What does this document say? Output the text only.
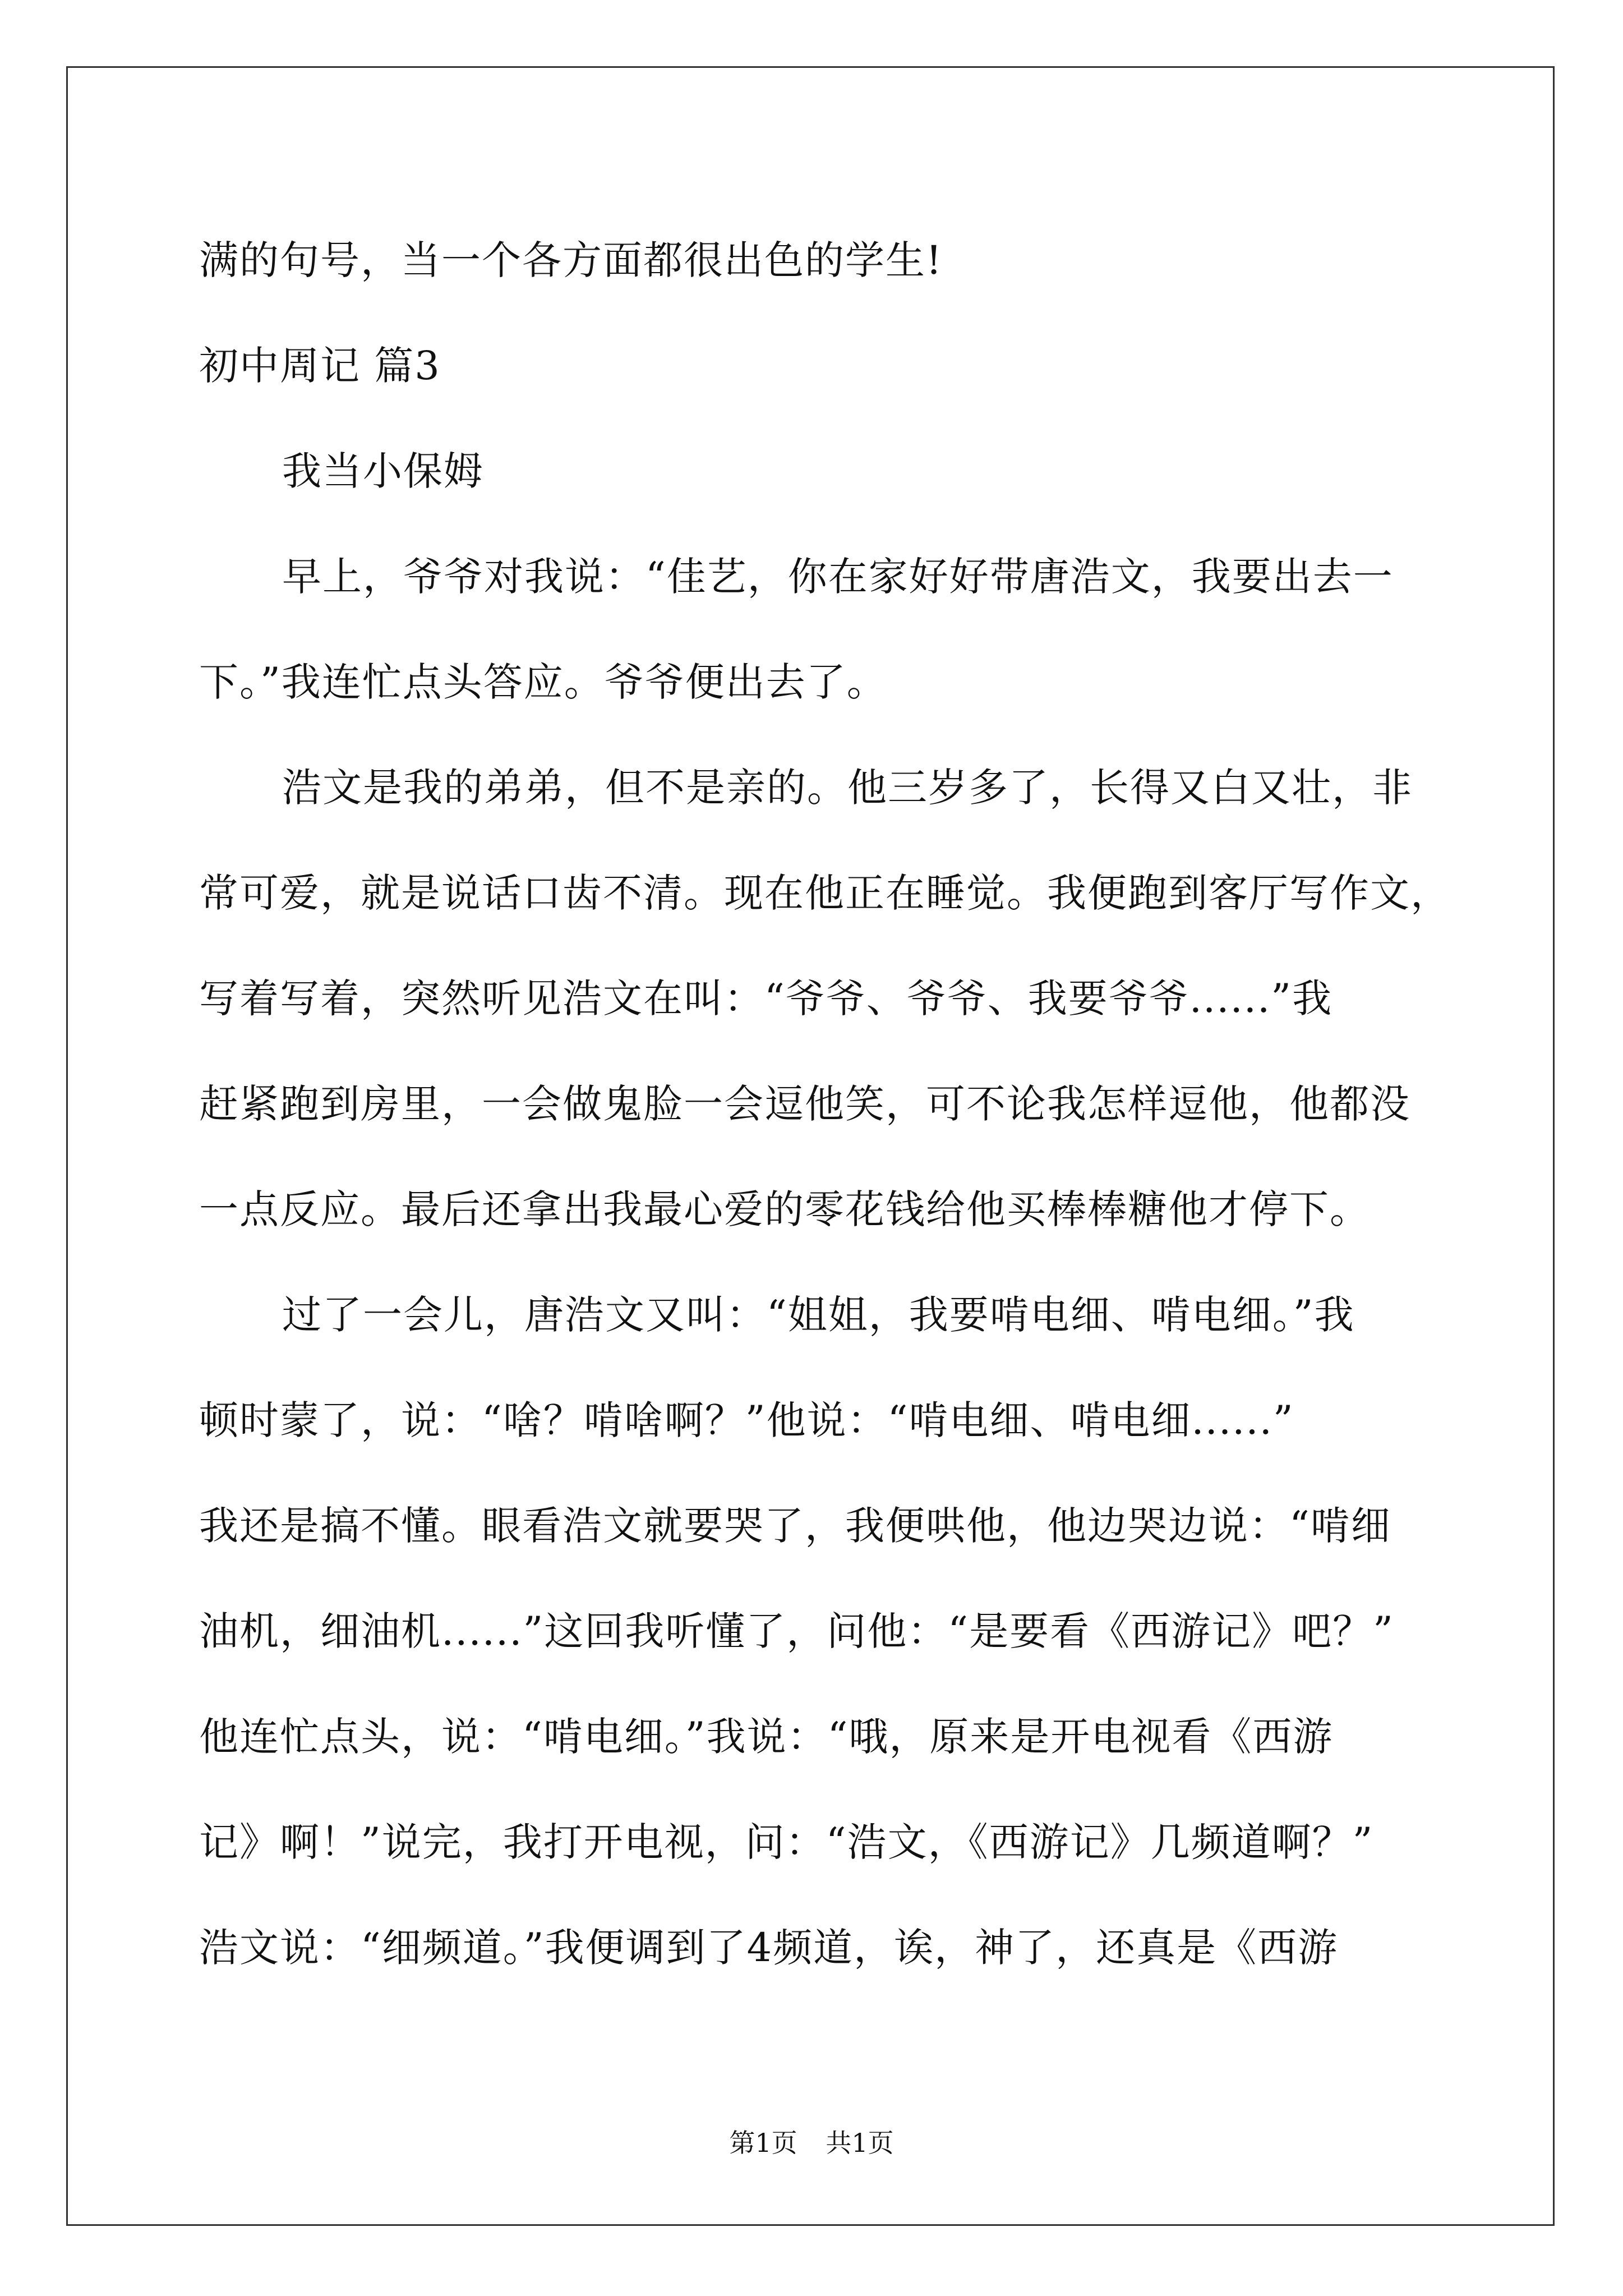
满的句号，当一个各方面都很出色的学生!
初中周记 篇3
我当小保姆
早上，爷爷对我说：“佳艺，你在家好好带唐浩文，我要出去一
下。”我连忙点头答应。爷爷便出去了。
浩文是我的弟弟，但不是亲的。他三岁多了，长得又白又壮，非
常可爱，就是说话口齿不清。现在他正在睡觉。我便跑到客厅写作文，
写着写着，突然听见浩文在叫：“爷爷、爷爷、我要爷爷......”我
赶紧跑到房里，一会做鬼脸一会逗他笑，可不论我怎样逗他，他都没
一点反应。最后还拿出我最心爱的零花钱给他买棒棒糖他才停下。
过了一会儿，唐浩文又叫：“姐姐，我要啃电细、啃电细。”我
顿时蒙了，说：“啥？啃啥啊？”他说：“啃电细、啃电细......”
我还是搞不懂。眼看浩文就要哭了，我便哄他，他边哭边说：“啃细
油机，细油机......”这回我听懂了，问他：“是要看《西游记》吧？”
他连忙点头，说：“啃电细。”我说：“哦，原来是开电视看《西游
记》啊！”说完，我打开电视，问：“浩文，《西游记》几频道啊？”
浩文说：“细频道。”我便调到了4频道，诶，神了，还真是《西游
第1页 共1页
